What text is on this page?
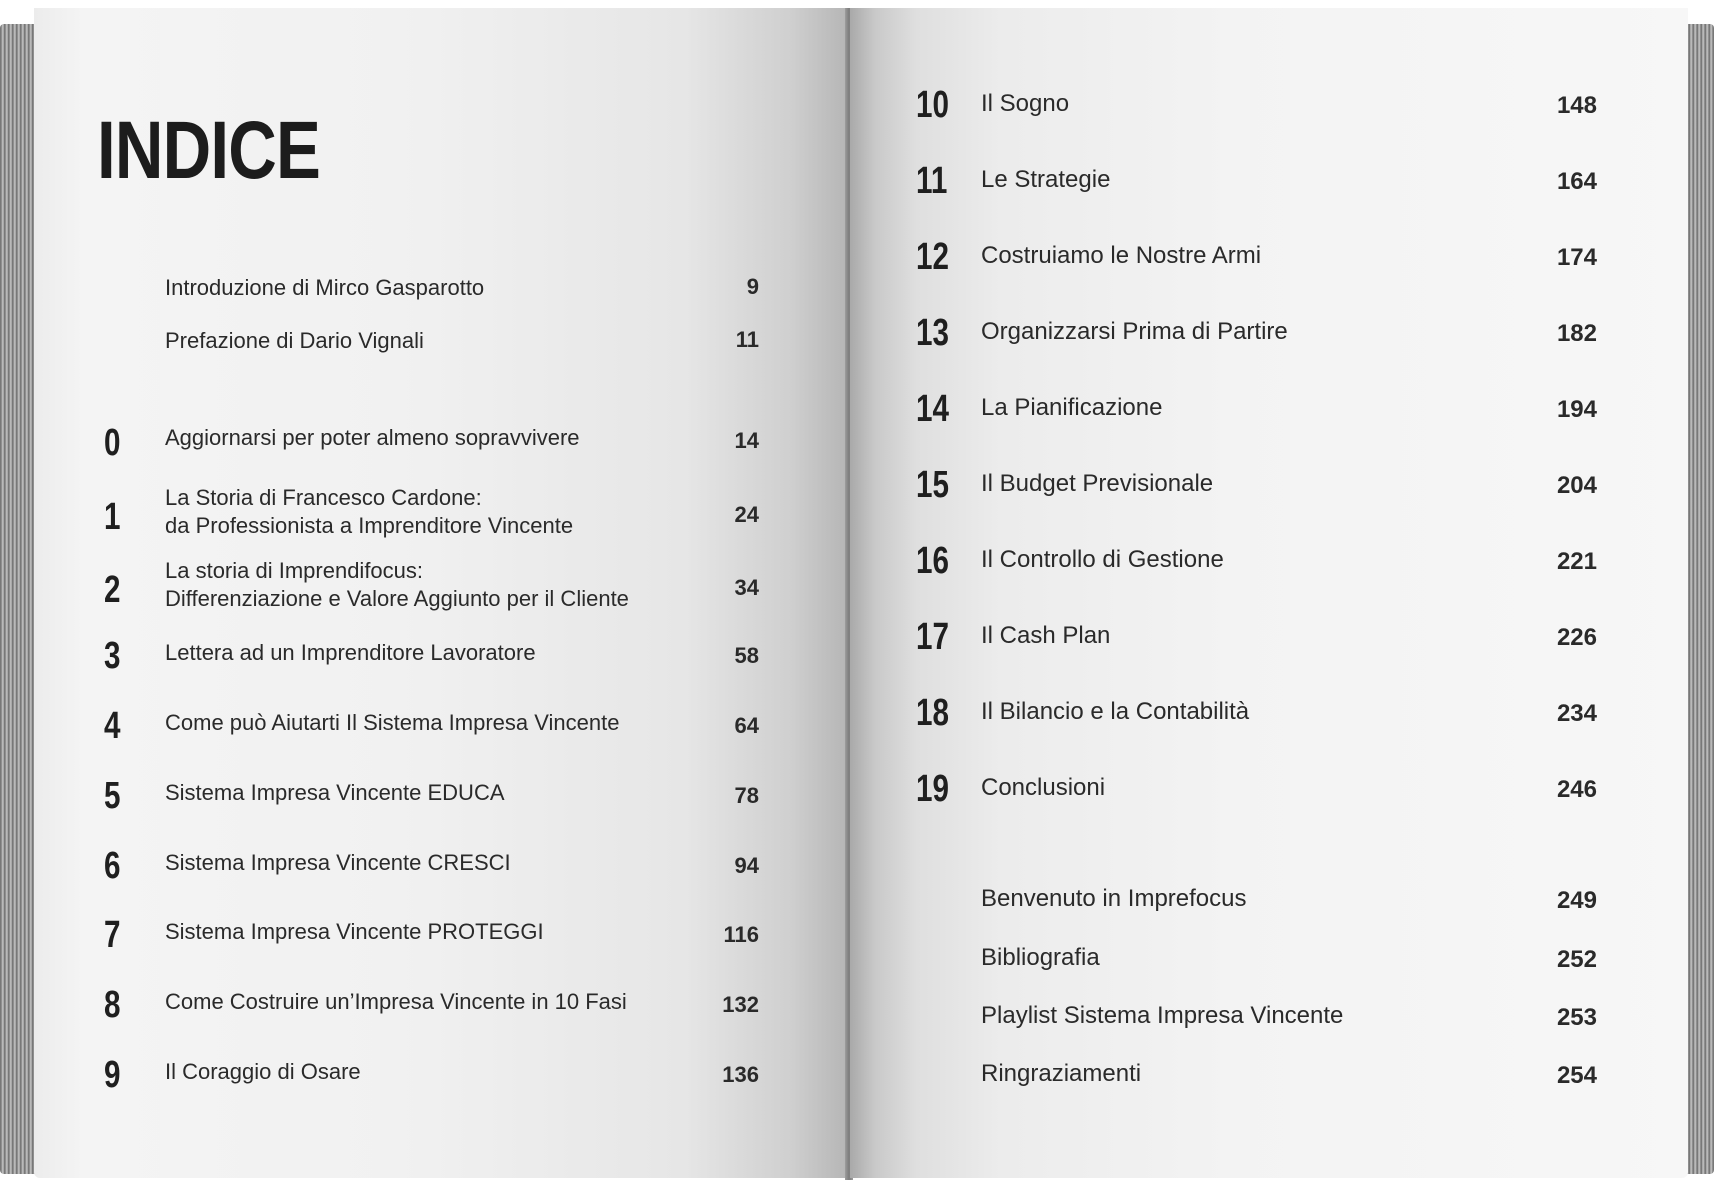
INDICE
Introduzione di Mirco Gasparotto	9
Prefazione di Dario Vignali	11
0 Aggiornarsi per poter almeno sopravvivere	14
1 La Storia di Francesco Cardone:
da Professionista a Imprenditore Vincente	24
2 La storia di Imprendifocus:
Differenziazione e Valore Aggiunto per il Cliente	34
3 Lettera ad un Imprenditore Lavoratore	58
4 Come può Aiutarti Il Sistema Impresa Vincente	64
5 Sistema Impresa Vincente EDUCA	78
6 Sistema Impresa Vincente CRESCI	94
7 Sistema Impresa Vincente PROTEGGI	116
8 Come Costruire un’Impresa Vincente in 10 Fasi	132
9 Il Coraggio di Osare	136
10 Il Sogno	148
11 Le Strategie	164
12 Costruiamo le Nostre Armi	174
13 Organizzarsi Prima di Partire	182
14 La Pianificazione	194
15 Il Budget Previsionale	204
16 Il Controllo di Gestione	221
17 Il Cash Plan	226
18 Il Bilancio e la Contabilità	234
19 Conclusioni	246
Benvenuto in Imprefocus	249
Bibliografia	252
Playlist Sistema Impresa Vincente	253
Ringraziamenti	254
